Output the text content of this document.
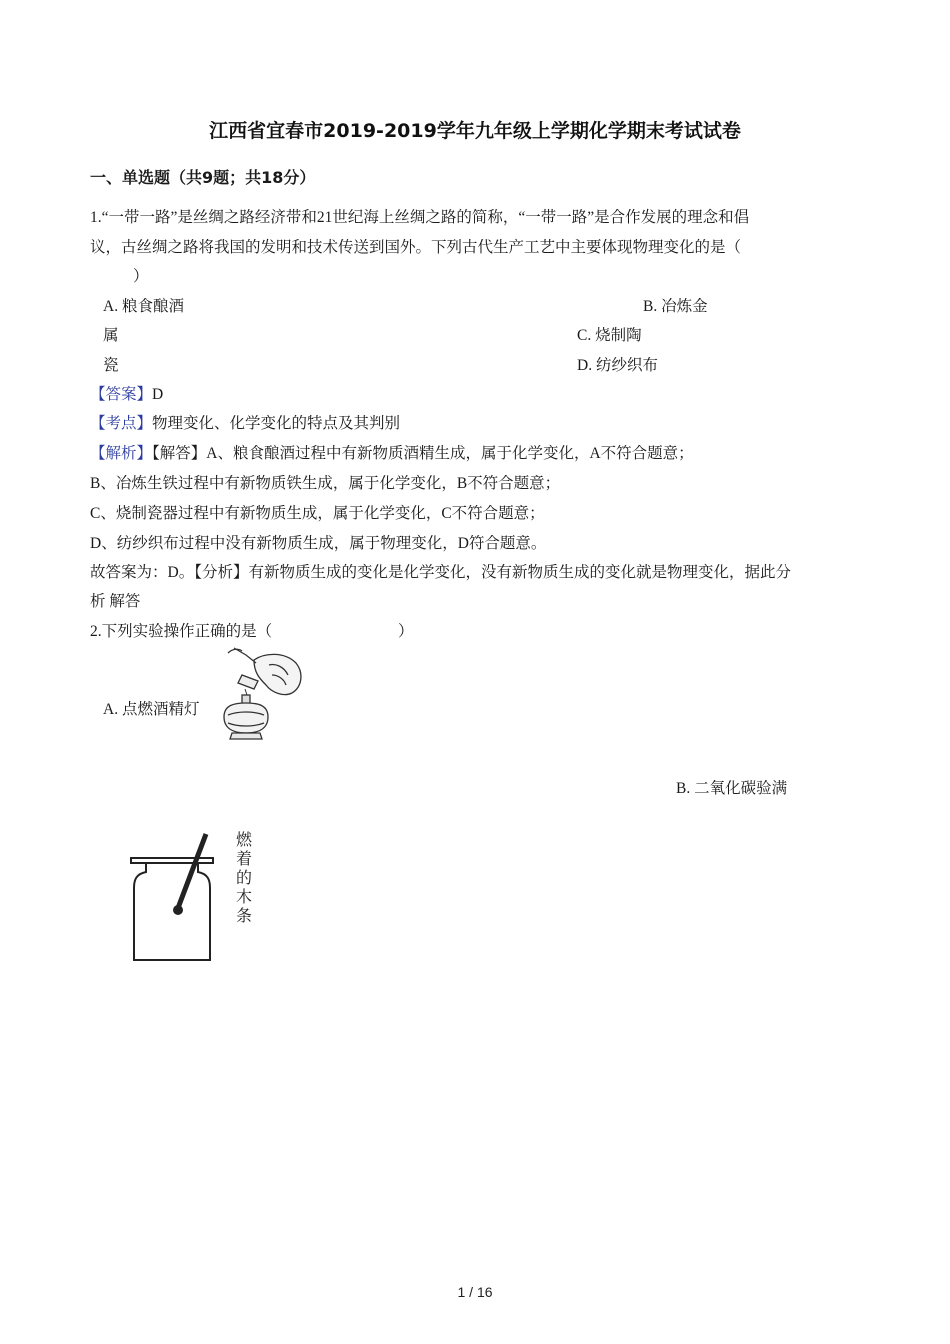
江西省宜春市2019-2019学年九年级上学期化学期末考试试卷
一、单选题（共9题；共18分）
1.“一带一路”是丝绸之路经济带和21世纪海上丝绸之路的简称，“一带一路”是合作发展的理念和倡
议，古丝绸之路将我国的发明和技术传送到国外。下列古代生产工艺中主要体现物理变化的是（
）
A. 粮食酿酒	B. 冶炼金
属	C. 烧制陶
瓷	D. 纺纱织布
【答案】D
【考点】物理变化、化学变化的特点及其判别
【解析】【解答】A、粮食酿酒过程中有新物质酒精生成，属于化学变化，A不符合题意；
B、冶炼生铁过程中有新物质铁生成，属于化学变化，B不符合题意；
C、烧制瓷器过程中有新物质生成，属于化学变化，C不符合题意；
D、纺纱织布过程中没有新物质生成，属于物理变化，D符合题意。
故答案为：D。【分析】有新物质生成的变化是化学变化，没有新物质生成的变化就是物理变化，据此分
析 解答
2.下列实验操作正确的是（	）
A. 点燃酒精灯
B. 二氧化碳验满
燃着的木条
1 / 16
